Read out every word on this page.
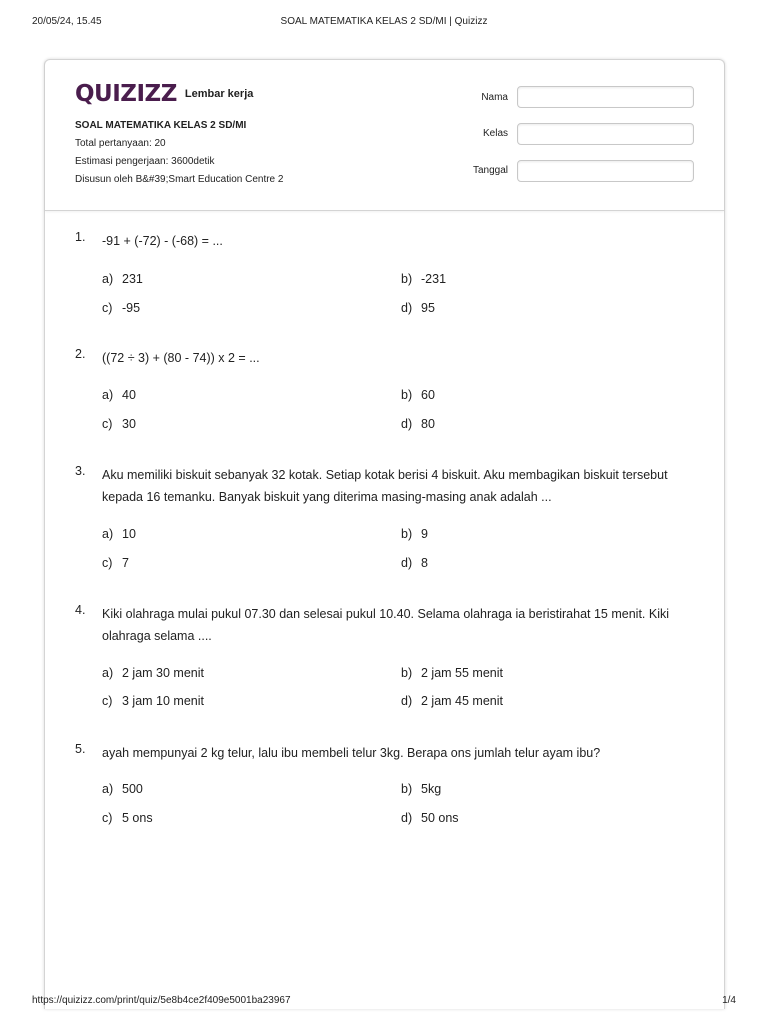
20/05/24, 15.45	SOAL MATEMATIKA KELAS 2 SD/MI | Quizizz
QUIZIZZ Lembar kerja
SOAL MATEMATIKA KELAS 2 SD/MI
Total pertanyaan: 20
Estimasi pengerjaan: 3600detik
Disusun oleh B&#39;Smart Education Centre 2
Nama
Kelas
Tanggal
1.	-91 + (-72) - (-68) = ...
a) 231	b) -231
c) -95	d) 95
2.	((72 ÷ 3) + (80 - 74)) x 2 = ...
a) 40	b) 60
c) 30	d) 80
3.	Aku memiliki biskuit sebanyak 32 kotak. Setiap kotak berisi 4 biskuit. Aku membagikan biskuit tersebut kepada 16 temanku. Banyak biskuit yang diterima masing-masing anak adalah ...
a) 10	b) 9
c) 7	d) 8
4.	Kiki olahraga mulai pukul 07.30 dan selesai pukul 10.40. Selama olahraga ia beristirahat 15 menit. Kiki olahraga selama ....
a) 2 jam 30 menit	b) 2 jam 55 menit
c) 3 jam 10 menit	d) 2 jam 45 menit
5.	ayah mempunyai 2 kg telur, lalu ibu membeli telur 3kg. Berapa ons jumlah telur ayam ibu?
a) 500	b) 5kg
c) 5 ons	d) 50 ons
https://quizizz.com/print/quiz/5e8b4ce2f409e5001ba23967	1/4
